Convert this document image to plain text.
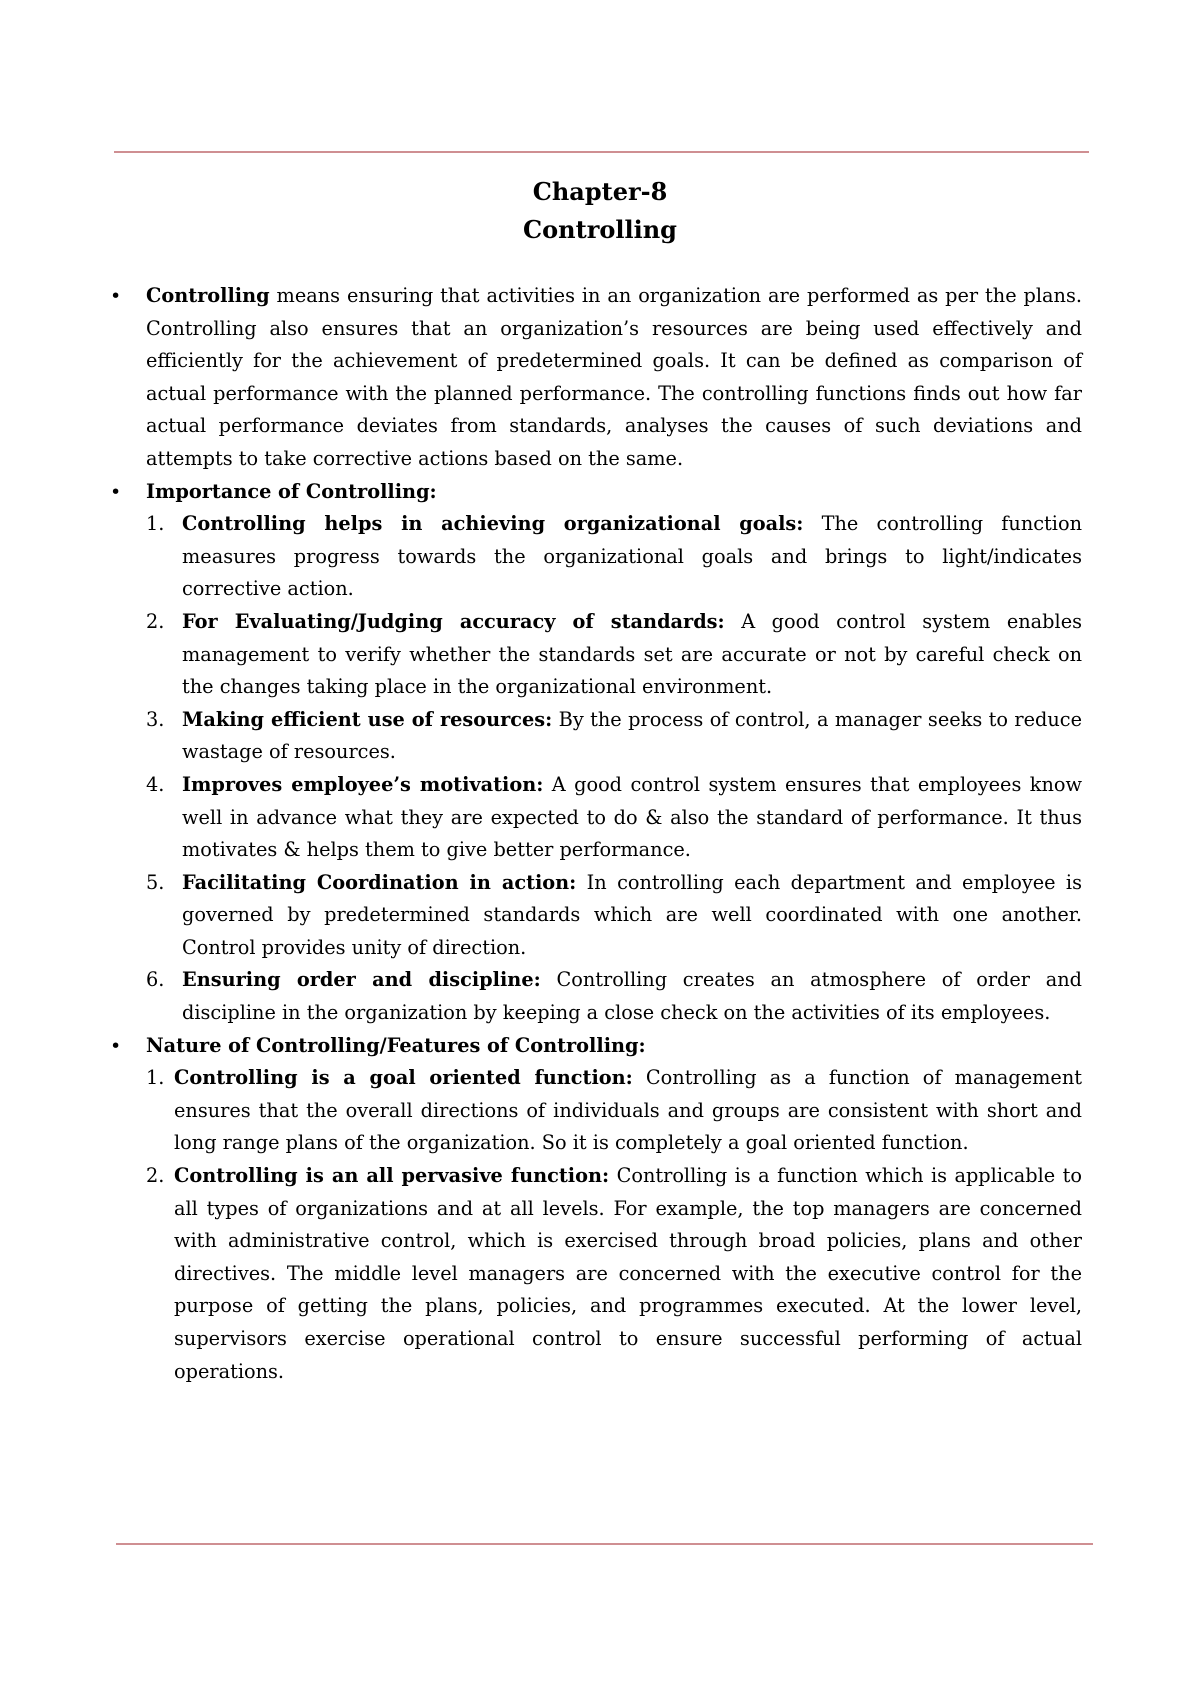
Chapter-8
Controlling
•	Controlling means ensuring that activities in an organization are performed as per the plans. Controlling also ensures that an organization’s resources are being used effectively and efficiently for the achievement of predetermined goals. It can be defined as comparison of actual performance with the planned performance. The controlling functions finds out how far actual performance deviates from standards, analyses the causes of such deviations and attempts to take corrective actions based on the same.
•	Importance of Controlling:
1. Controlling helps in achieving organizational goals: The controlling function measures progress towards the organizational goals and brings to light/indicates corrective action.
2. For Evaluating/Judging accuracy of standards: A good control system enables management to verify whether the standards set are accurate or not by careful check on the changes taking place in the organizational environment.
3. Making efficient use of resources: By the process of control, a manager seeks to reduce wastage of resources.
4. Improves employee’s motivation: A good control system ensures that employees know well in advance what they are expected to do & also the standard of performance. It thus motivates & helps them to give better performance.
5. Facilitating Coordination in action: In controlling each department and employee is governed by predetermined standards which are well coordinated with one another. Control provides unity of direction.
6. Ensuring order and discipline: Controlling creates an atmosphere of order and discipline in the organization by keeping a close check on the activities of its employees.
•	Nature of Controlling/Features of Controlling:
1. Controlling is a goal oriented function: Controlling as a function of management ensures that the overall directions of individuals and groups are consistent with short and long range plans of the organization. So it is completely a goal oriented function.
2. Controlling is an all pervasive function: Controlling is a function which is applicable to all types of organizations and at all levels. For example, the top managers are concerned with administrative control, which is exercised through broad policies, plans and other directives. The middle level managers are concerned with the executive control for the purpose of getting the plans, policies, and programmes executed. At the lower level, supervisors exercise operational control to ensure successful performing of actual operations.
